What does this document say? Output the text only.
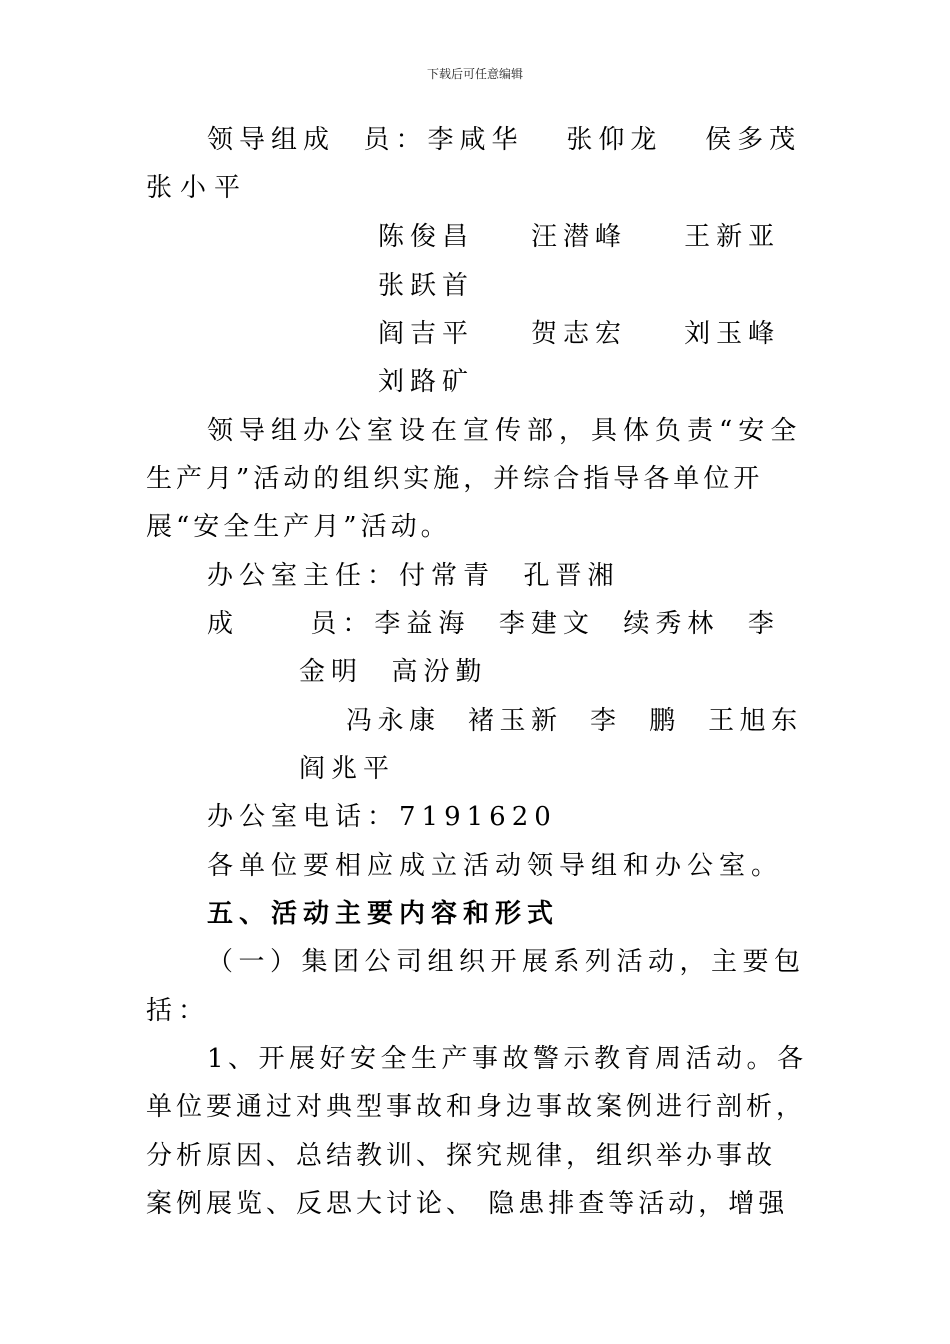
下载后可任意编辑
领导组成  员：李咸华   张仰龙   侯多茂
张小平
陈俊昌    汪潜峰    王新亚
张跃首
阎吉平    贺志宏    刘玉峰
刘路矿
领导组办公室设在宣传部，具体负责“安全
生产月”活动的组织实施，并综合指导各单位开
展“安全生产月”活动。
办公室主任：付常青  孔晋湘
成     员：李益海  李建文  续秀林  李
金明  高汾勤
冯永康  褚玉新  李  鹏  王旭东
阎兆平
办公室电话：7191620
各单位要相应成立活动领导组和办公室。
五、活动主要内容和形式
（一）集团公司组织开展系列活动，主要包
括：
1、开展好安全生产事故警示教育周活动。各
单位要通过对典型事故和身边事故案例进行剖析，
分析原因、总结教训、探究规律，组织举办事故
案例展览、反思大讨论、 隐患排查等活动，增强
